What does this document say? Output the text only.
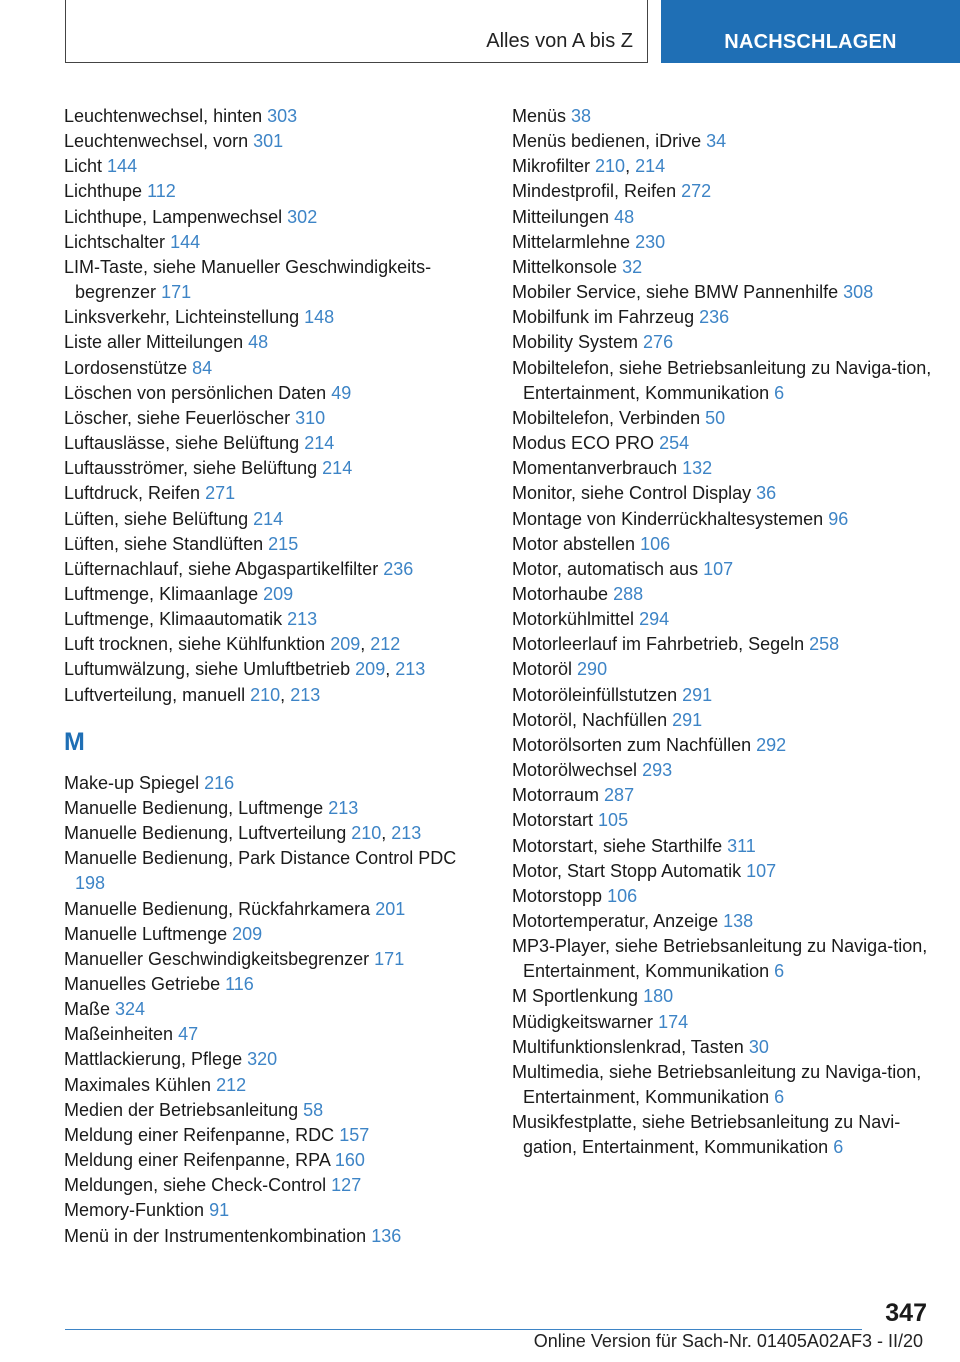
Alles von A bis Z	NACHSCHLAGEN

Leuchtenwechsel, hinten 303

Leuchtenwechsel, vorn 301

Licht 144

Lichthupe 112

Lichthupe, Lampenwechsel 302

Lichtschalter 144

LIM-Taste, siehe Manueller Geschwindigkeits-begrenzer 171

Linksverkehr, Lichteinstellung 148

Liste aller Mitteilungen 48

Lordosenstütze 84

Löschen von persönlichen Daten 49

Löscher, siehe Feuerlöscher 310

Luftauslässe, siehe Belüftung 214

Luftausströmer, siehe Belüftung 214

Luftdruck, Reifen 271

Lüften, siehe Belüftung 214

Lüften, siehe Standlüften 215

Lüfternachlauf, siehe Abgaspartikelfilter 236

Luftmenge, Klimaanlage 209

Luftmenge, Klimaautomatik 213

Luft trocknen, siehe Kühlfunktion 209, 212

Luftumwälzung, siehe Umluftbetrieb 209, 213

Luftverteilung, manuell 210, 213

M

Make-up Spiegel 216

Manuelle Bedienung, Luftmenge 213

Manuelle Bedienung, Luftverteilung 210, 213

Manuelle Bedienung, Park Distance Control PDC 198

Manuelle Bedienung, Rückfahrkamera 201

Manuelle Luftmenge 209

Manueller Geschwindigkeitsbegrenzer 171

Manuelles Getriebe 116

Maße 324

Maßeinheiten 47

Mattlackierung, Pflege 320

Maximales Kühlen 212

Medien der Betriebsanleitung 58

Meldung einer Reifenpanne, RDC 157

Meldung einer Reifenpanne, RPA 160

Meldungen, siehe Check-Control 127

Memory-Funktion 91

Menü in der Instrumentenkombination 136

Menüs 38

Menüs bedienen, iDrive 34

Mikrofilter 210, 214

Mindestprofil, Reifen 272

Mitteilungen 48

Mittelarmlehne 230

Mittelkonsole 32

Mobiler Service, siehe BMW Pannenhilfe 308

Mobilfunk im Fahrzeug 236

Mobility System 276

Mobiltelefon, siehe Betriebsanleitung zu Naviga-tion, Entertainment, Kommunikation 6

Mobiltelefon, Verbinden 50

Modus ECO PRO 254

Momentanverbrauch 132

Monitor, siehe Control Display 36

Montage von Kinderrückhaltesystemen 96

Motor abstellen 106

Motor, automatisch aus 107

Motorhaube 288

Motorkühlmittel 294

Motorleerlauf im Fahrbetrieb, Segeln 258

Motoröl 290

Motoröleinfüllstutzen 291

Motoröl, Nachfüllen 291

Motorölsorten zum Nachfüllen 292

Motorölwechsel 293

Motorraum 287

Motorstart 105

Motorstart, siehe Starthilfe 311

Motor, Start Stopp Automatik 107

Motorstopp 106

Motortemperatur, Anzeige 138

MP3-Player, siehe Betriebsanleitung zu Naviga-tion, Entertainment, Kommunikation 6

M Sportlenkung 180

Müdigkeitswarner 174

Multifunktionslenkrad, Tasten 30

Multimedia, siehe Betriebsanleitung zu Naviga-tion, Entertainment, Kommunikation 6

Musikfestplatte, siehe Betriebsanleitung zu Navi-gation, Entertainment, Kommunikation 6

347
Online Version für Sach-Nr. 01405A02AF3 - II/20
